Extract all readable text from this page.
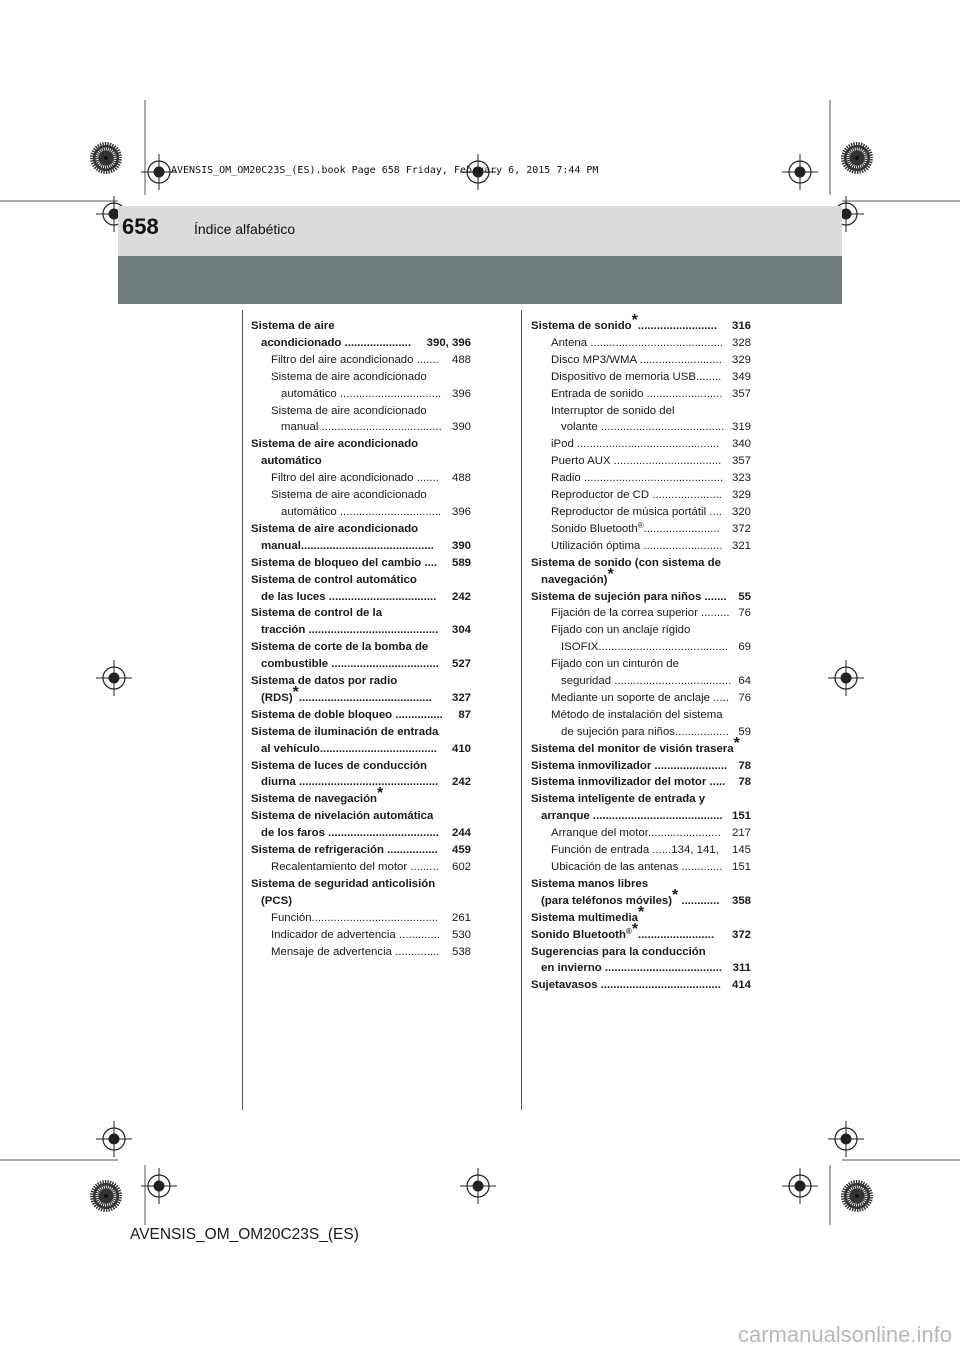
AVENSIS_OM_OM20C23S_(ES).book Page 658 Friday, February 6, 2015 7:44 PM
658	Índice alfabético
Sistema de aire
390, 396
acondicionado .....................
488
Filtro del aire acondicionado .......
Sistema de aire acondicionado
396
automático ................................
Sistema de aire acondicionado
390
manual ......................................
Sistema de aire acondicionado
automático
488
Filtro del aire acondicionado .......
Sistema de aire acondicionado
396
automático ................................
Sistema de aire acondicionado
390
manual..........................................
589
Sistema de bloqueo del cambio ....
Sistema de control automático
242
de las luces ..................................
Sistema de control de la
304
tracción .........................................
Sistema de corte de la bomba de
527
combustible ..................................
Sistema de datos por radio
327
(RDS)*..........................................
87
Sistema de doble bloqueo ...............
Sistema de iluminación de entrada
410
al vehículo.....................................
Sistema de luces de conducción
242
diurna ............................................
Sistema de navegación*
Sistema de nivelación automática
244
de los faros ...................................
459
Sistema de refrigeración ................
602
Recalentamiento del motor .........
Sistema de seguridad anticolisión
(PCS)
261
Función........................................
530
Indicador de advertencia .............
538
Mensaje de advertencia ..............
316
Sistema de sonido*.........................
328
Antena ..........................................
329
Disco MP3/WMA ..........................
349
Dispositivo de memoria USB........
357
Entrada de sonido ........................
Interruptor de sonido del
319
volante .......................................
340
iPod .............................................
357
Puerto AUX ..................................
323
Radio ............................................
329
Reproductor de CD ......................
320
Reproductor de música portátil ....
372
Sonido Bluetooth®........................
321
Utilización óptima .........................
Sistema de sonido (con sistema de
navegación)*
55
Sistema de sujeción para niños .......
76
Fijación de la correa superior .........
Fijado con un anclaje rígido
69
ISOFIX.........................................
Fijado con un cinturón de
64
seguridad .....................................
76
Mediante un soporte de anclaje .....
Método de instalación del sistema
59
de sujeción para niños.................
Sistema del monitor de visión trasera*
78
Sistema inmovilizador .......................
78
Sistema inmovilizador del motor .....
Sistema inteligente de entrada y
151
arranque .........................................
217
Arranque del motor.......................
145
Función de entrada ......134, 141,
151
Ubicación de las antenas .............
Sistema manos libres
358
(para teléfonos móviles)* ............
Sistema multimedia*
372
Sonido Bluetooth®*........................
Sugerencias para la conducción
311
en invierno .....................................
414
Sujetavasos ......................................
AVENSIS_OM_OM20C23S_(ES)
carmanualsonline.info
